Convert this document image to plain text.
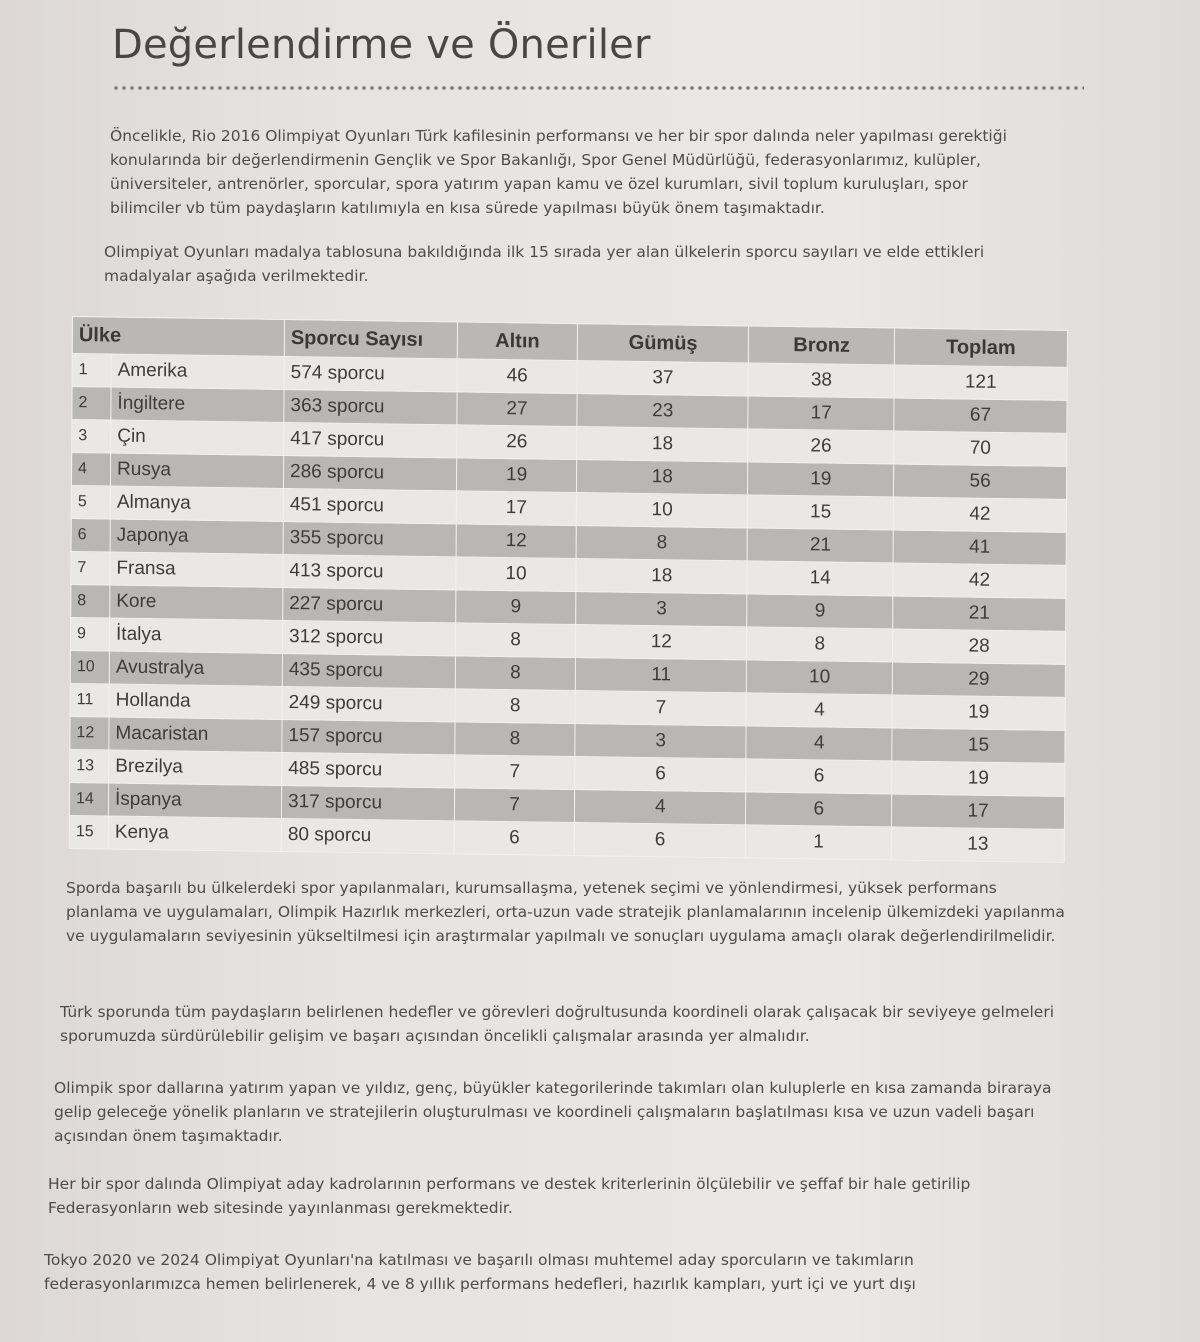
Değerlendirme ve Öneriler

Öncelikle, Rio 2016 Olimpiyat Oyunları Türk kafilesinin performansı ve her bir spor dalında neler yapılması gerektiği konularında bir değerlendirmenin Gençlik ve Spor Bakanlığı, Spor Genel Müdürlüğü, federasyonlarımız, kulüpler, üniversiteler, antrenörler, sporcular, spora yatırım yapan kamu ve özel kurumları, sivil toplum kuruluşları, spor bilimciler vb tüm paydaşların katılımıyla en kısa sürede yapılması büyük önem taşımaktadır.

Olimpiyat Oyunları madalya tablosuna bakıldığında ilk 15 sırada yer alan ülkelerin sporcu sayıları ve elde ettikleri madalyalar aşağıda verilmektedir.

Ülke		Sporcu Sayısı	Altın	Gümüş	Bronz	Toplam
1	Amerika	574 sporcu	46	37	38	121
2	İngiltere	363 sporcu	27	23	17	67
3	Çin	417 sporcu	26	18	26	70
4	Rusya	286 sporcu	19	18	19	56
5	Almanya	451 sporcu	17	10	15	42
6	Japonya	355 sporcu	12	8	21	41
7	Fransa	413 sporcu	10	18	14	42
8	Kore	227 sporcu	9	3	9	21
9	İtalya	312 sporcu	8	12	8	28
10	Avustralya	435 sporcu	8	11	10	29
11	Hollanda	249 sporcu	8	7	4	19
12	Macaristan	157 sporcu	8	3	4	15
13	Brezilya	485 sporcu	7	6	6	19
14	İspanya	317 sporcu	7	4	6	17
15	Kenya	80 sporcu	6	6	1	13

Sporda başarılı bu ülkelerdeki spor yapılanmaları, kurumsallaşma, yetenek seçimi ve yönlendirmesi, yüksek performans planlama ve uygulamaları, Olimpik Hazırlık merkezleri, orta-uzun vade stratejik planlamalarının incelenip ülkemizdeki yapılanma ve uygulamaların seviyesinin yükseltilmesi için araştırmalar yapılmalı ve sonuçları uygulama amaçlı olarak değerlendirilmelidir.

Türk sporunda tüm paydaşların belirlenen hedefler ve görevleri doğrultusunda koordineli olarak çalışacak bir seviyeye gelmeleri sporumuzda sürdürülebilir gelişim ve başarı açısından öncelikli çalışmalar arasında yer almalıdır.

Olimpik spor dallarına yatırım yapan ve yıldız, genç, büyükler kategorilerinde takımları olan kuluplerle en kısa zamanda biraraya gelip geleceğe yönelik planların ve stratejilerin oluşturulması ve koordineli çalışmaların başlatılması kısa ve uzun vadeli başarı açısından önem taşımaktadır.

Her bir spor dalında Olimpiyat aday kadrolarının performans ve destek kriterlerinin ölçülebilir ve şeffaf bir hale getirilip Federasyonların web sitesinde yayınlanması gerekmektedir.

Tokyo 2020 ve 2024 Olimpiyat Oyunları'na katılması ve başarılı olması muhtemel aday sporcuların ve takımların federasyonlarımızca hemen belirlenerek, 4 ve 8 yıllık performans hedefleri, hazırlık kampları, yurt içi ve yurt dışı
